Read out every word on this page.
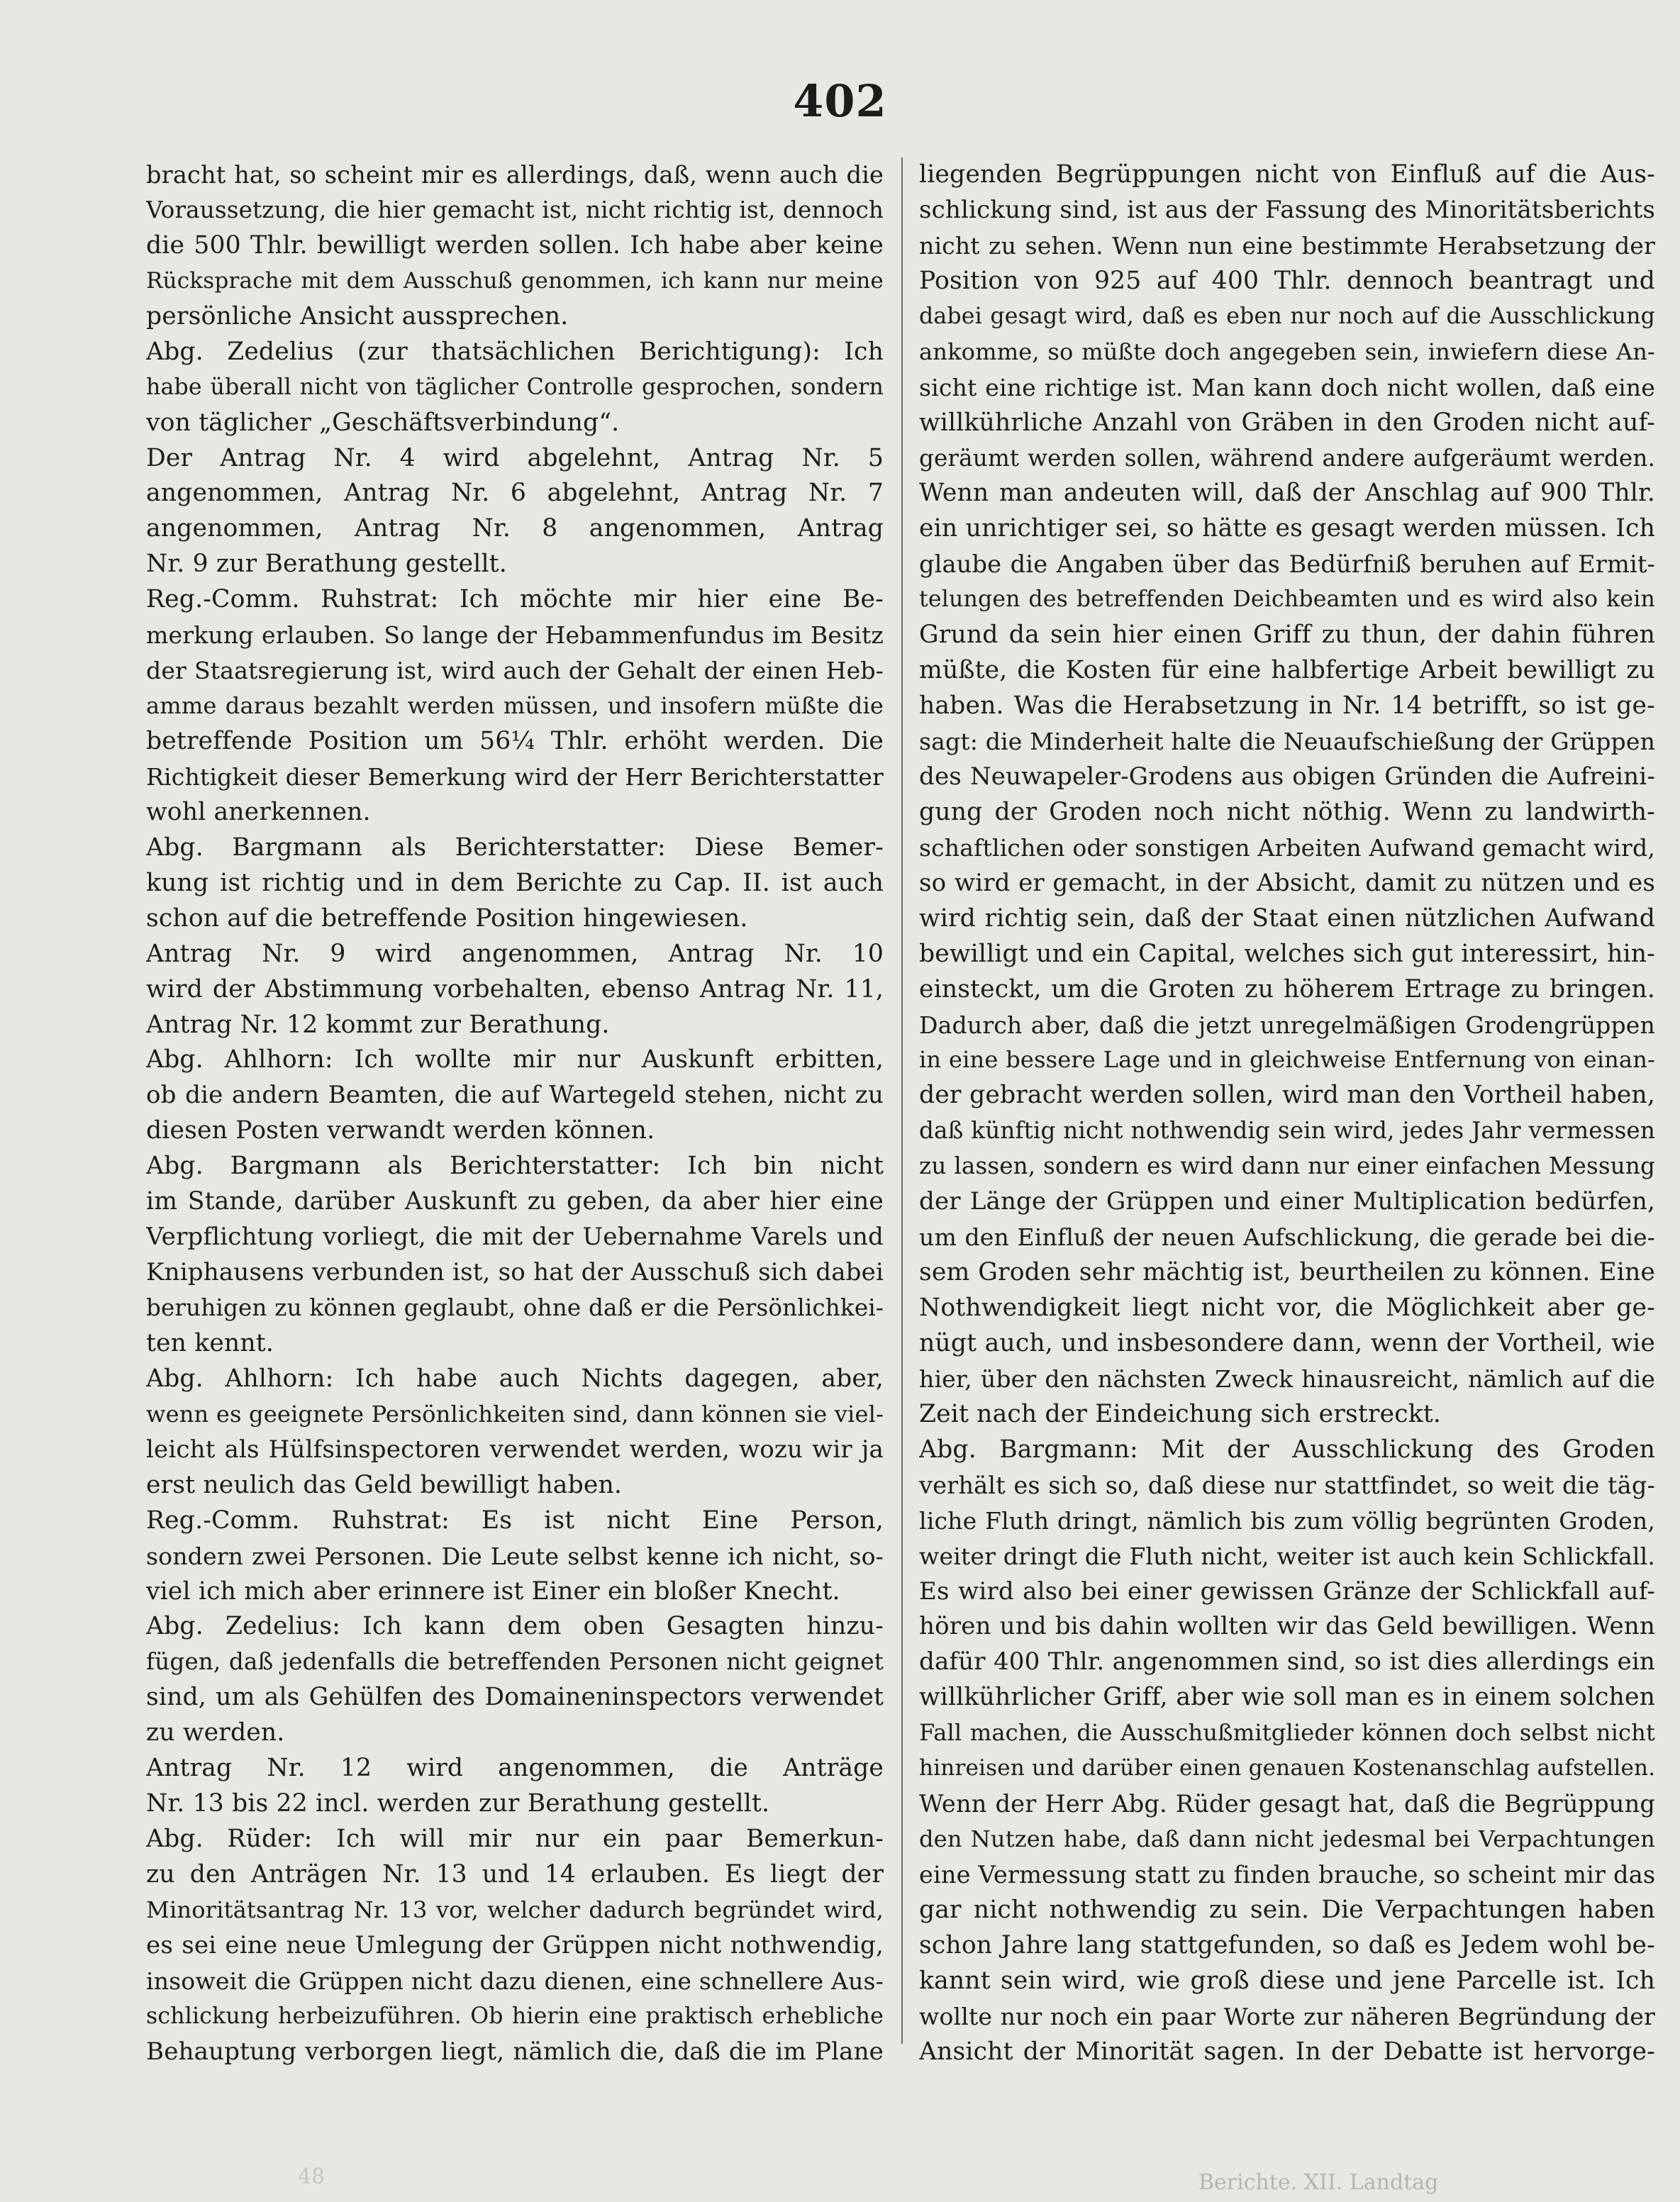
402
bracht hat, so scheint mir es allerdings, daß, wenn auch die
Voraussetzung, die hier gemacht ist, nicht richtig ist, dennoch
die 500 Thlr. bewilligt werden sollen. Ich habe aber keine
Rücksprache mit dem Ausschuß genommen, ich kann nur meine
persönliche Ansicht aussprechen.
Abg. Zedelius (zur thatsächlichen Berichtigung): Ich
habe überall nicht von täglicher Controlle gesprochen, sondern
von täglicher „Geschäftsverbindung“.
Der Antrag Nr. 4 wird abgelehnt, Antrag Nr. 5
angenommen, Antrag Nr. 6 abgelehnt, Antrag Nr. 7
angenommen, Antrag Nr. 8 angenommen, Antrag
Nr. 9 zur Berathung gestellt.
Reg.-Comm. Ruhstrat: Ich möchte mir hier eine Be-
merkung erlauben. So lange der Hebammenfundus im Besitz
der Staatsregierung ist, wird auch der Gehalt der einen Heb-
amme daraus bezahlt werden müssen, und insofern müßte die
betreffende Position um 56¼ Thlr. erhöht werden. Die
Richtigkeit dieser Bemerkung wird der Herr Berichterstatter
wohl anerkennen.
Abg. Bargmann als Berichterstatter: Diese Bemer-
kung ist richtig und in dem Berichte zu Cap. II. ist auch
schon auf die betreffende Position hingewiesen.
Antrag Nr. 9 wird angenommen, Antrag Nr. 10
wird der Abstimmung vorbehalten, ebenso Antrag Nr. 11,
Antrag Nr. 12 kommt zur Berathung.
Abg. Ahlhorn: Ich wollte mir nur Auskunft erbitten,
ob die andern Beamten, die auf Wartegeld stehen, nicht zu
diesen Posten verwandt werden können.
Abg. Bargmann als Berichterstatter: Ich bin nicht
im Stande, darüber Auskunft zu geben, da aber hier eine
Verpflichtung vorliegt, die mit der Uebernahme Varels und
Kniphausens verbunden ist, so hat der Ausschuß sich dabei
beruhigen zu können geglaubt, ohne daß er die Persönlichkei-
ten kennt.
Abg. Ahlhorn: Ich habe auch Nichts dagegen, aber,
wenn es geeignete Persönlichkeiten sind, dann können sie viel-
leicht als Hülfsinspectoren verwendet werden, wozu wir ja
erst neulich das Geld bewilligt haben.
Reg.-Comm. Ruhstrat: Es ist nicht Eine Person,
sondern zwei Personen. Die Leute selbst kenne ich nicht, so-
viel ich mich aber erinnere ist Einer ein bloßer Knecht.
Abg. Zedelius: Ich kann dem oben Gesagten hinzu-
fügen, daß jedenfalls die betreffenden Personen nicht geignet
sind, um als Gehülfen des Domaineninspectors verwendet
zu werden.
Antrag Nr. 12 wird angenommen, die Anträge
Nr. 13 bis 22 incl. werden zur Berathung gestellt.
Abg. Rüder: Ich will mir nur ein paar Bemerkun-
zu den Anträgen Nr. 13 und 14 erlauben. Es liegt der
Minoritätsantrag Nr. 13 vor, welcher dadurch begründet wird,
es sei eine neue Umlegung der Grüppen nicht nothwendig,
insoweit die Grüppen nicht dazu dienen, eine schnellere Aus-
schlickung herbeizuführen. Ob hierin eine praktisch erhebliche
Behauptung verborgen liegt, nämlich die, daß die im Plane
liegenden Begrüppungen nicht von Einfluß auf die Aus-
schlickung sind, ist aus der Fassung des Minoritätsberichts
nicht zu sehen. Wenn nun eine bestimmte Herabsetzung der
Position von 925 auf 400 Thlr. dennoch beantragt und
dabei gesagt wird, daß es eben nur noch auf die Ausschlickung
ankomme, so müßte doch angegeben sein, inwiefern diese An-
sicht eine richtige ist. Man kann doch nicht wollen, daß eine
willkührliche Anzahl von Gräben in den Groden nicht auf-
geräumt werden sollen, während andere aufgeräumt werden.
Wenn man andeuten will, daß der Anschlag auf 900 Thlr.
ein unrichtiger sei, so hätte es gesagt werden müssen. Ich
glaube die Angaben über das Bedürfniß beruhen auf Ermit-
telungen des betreffenden Deichbeamten und es wird also kein
Grund da sein hier einen Griff zu thun, der dahin führen
müßte, die Kosten für eine halbfertige Arbeit bewilligt zu
haben. Was die Herabsetzung in Nr. 14 betrifft, so ist ge-
sagt: die Minderheit halte die Neuaufschießung der Grüppen
des Neuwapeler-Grodens aus obigen Gründen die Aufreini-
gung der Groden noch nicht nöthig. Wenn zu landwirth-
schaftlichen oder sonstigen Arbeiten Aufwand gemacht wird,
so wird er gemacht, in der Absicht, damit zu nützen und es
wird richtig sein, daß der Staat einen nützlichen Aufwand
bewilligt und ein Capital, welches sich gut interessirt, hin-
einsteckt, um die Groten zu höherem Ertrage zu bringen.
Dadurch aber, daß die jetzt unregelmäßigen Grodengrüppen
in eine bessere Lage und in gleichweise Entfernung von einan-
der gebracht werden sollen, wird man den Vortheil haben,
daß künftig nicht nothwendig sein wird, jedes Jahr vermessen
zu lassen, sondern es wird dann nur einer einfachen Messung
der Länge der Grüppen und einer Multiplication bedürfen,
um den Einfluß der neuen Aufschlickung, die gerade bei die-
sem Groden sehr mächtig ist, beurtheilen zu können. Eine
Nothwendigkeit liegt nicht vor, die Möglichkeit aber ge-
nügt auch, und insbesondere dann, wenn der Vortheil, wie
hier, über den nächsten Zweck hinausreicht, nämlich auf die
Zeit nach der Eindeichung sich erstreckt.
Abg. Bargmann: Mit der Ausschlickung des Groden
verhält es sich so, daß diese nur stattfindet, so weit die täg-
liche Fluth dringt, nämlich bis zum völlig begrünten Groden,
weiter dringt die Fluth nicht, weiter ist auch kein Schlickfall.
Es wird also bei einer gewissen Gränze der Schlickfall auf-
hören und bis dahin wollten wir das Geld bewilligen. Wenn
dafür 400 Thlr. angenommen sind, so ist dies allerdings ein
willkührlicher Griff, aber wie soll man es in einem solchen
Fall machen, die Ausschußmitglieder können doch selbst nicht
hinreisen und darüber einen genauen Kostenanschlag aufstellen.
Wenn der Herr Abg. Rüder gesagt hat, daß die Begrüppung
den Nutzen habe, daß dann nicht jedesmal bei Verpachtungen
eine Vermessung statt zu finden brauche, so scheint mir das
gar nicht nothwendig zu sein. Die Verpachtungen haben
schon Jahre lang stattgefunden, so daß es Jedem wohl be-
kannt sein wird, wie groß diese und jene Parcelle ist. Ich
wollte nur noch ein paar Worte zur näheren Begründung der
Ansicht der Minorität sagen. In der Debatte ist hervorge-
48	Berichte. XII. Landtag
